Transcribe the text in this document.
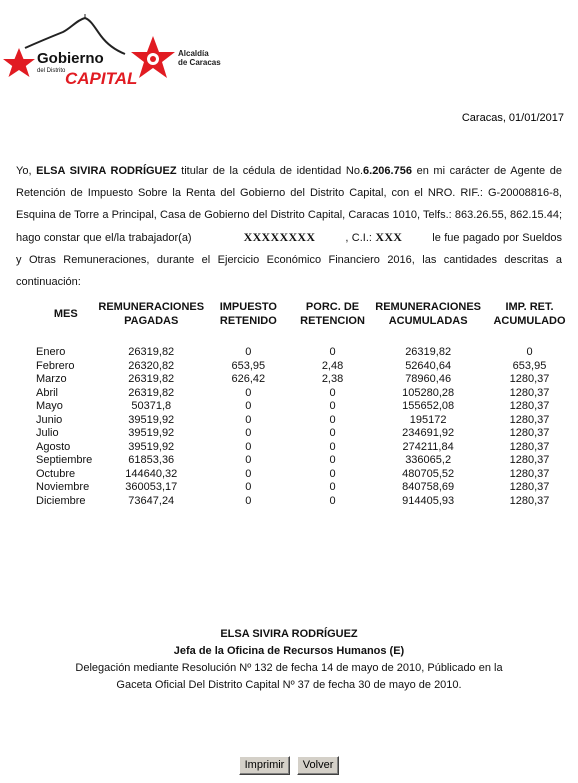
Gobierno
del Distrito CAPITAL
Alcaldía
de Caracas
Caracas, 01/01/2017
Yo, ELSA SIVIRA RODRÍGUEZ titular de la cédula de identidad No.6.206.756 en mi carácter de Agente de Retención de Impuesto Sobre la Renta del Gobierno del Distrito Capital, con el NRO. RIF.: G-20008816-8, Esquina de Torre a Principal, Casa de Gobierno del Distrito Capital, Caracas 1010, Telfs.: 863.26.55, 862.15.44; hago constar que el/la trabajador(a)	XXXXXXXX	, C.I.: XXX	le fue pagado por Sueldos y Otras Remuneraciones, durante el Ejercicio Económico Financiero 2016, las cantidades descritas a continuación:
MES	REMUNERACIONES PAGADAS	IMPUESTO RETENIDO	PORC. DE RETENCION	REMUNERACIONES ACUMULADAS	IMP. RET. ACUMULADO

Enero	26319,82	0	0	26319,82	0
Febrero	26320,82	653,95	2,48	52640,64	653,95
Marzo	26319,82	626,42	2,38	78960,46	1280,37
Abril	26319,82	0	0	105280,28	1280,37
Mayo	50371,8	0	0	155652,08	1280,37
Junio	39519,92	0	0	195172	1280,37
Julio	39519,92	0	0	234691,92	1280,37
Agosto	39519,92	0	0	274211,84	1280,37
Septiembre	61853,36	0	0	336065,2	1280,37
Octubre	144640,32	0	0	480705,52	1280,37
Noviembre	360053,17	0	0	840758,69	1280,37
Diciembre	73647,24	0	0	914405,93	1280,37
ELSA SIVIRA RODRÍGUEZ
Jefa de la Oficina de Recursos Humanos (E)
Delegación mediante Resolución Nº 132 de fecha 14 de mayo de 2010, Públicado en la
Gaceta Oficial Del Distrito Capital Nº 37 de fecha 30 de mayo de 2010.
Imprimir Volver
